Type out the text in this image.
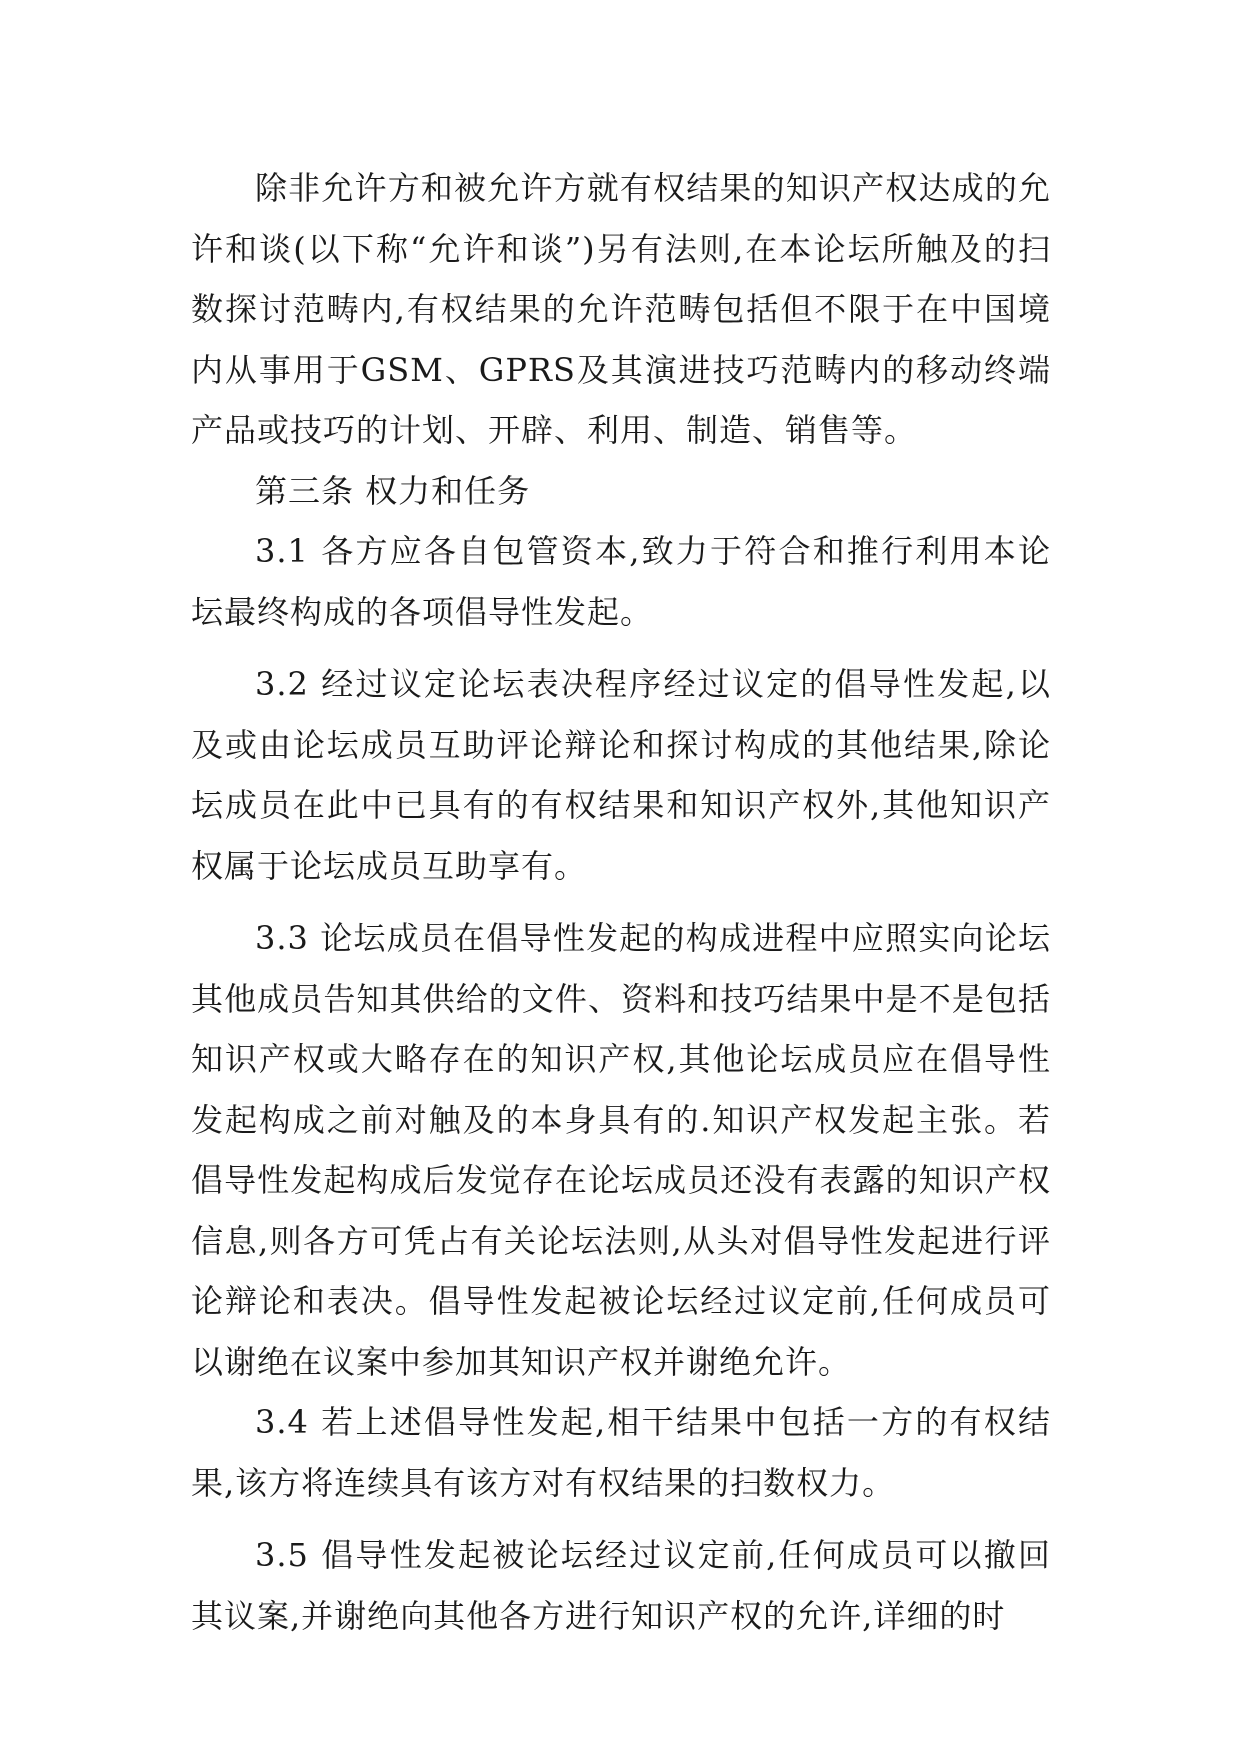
除非允许方和被允许方就有权结果的知识产权达成的允许和谈(以下称“允许和谈”)另有法则,在本论坛所触及的扫数探讨范畴内,有权结果的允许范畴包括但不限于在中国境内从事用于GSM、GPRS及其演进技巧范畴内的移动终端产品或技巧的计划、开辟、利用、制造、销售等。

第三条 权力和任务

3.1 各方应各自包管资本,致力于符合和推行利用本论坛最终构成的各项倡导性发起。

3.2 经过议定论坛表决程序经过议定的倡导性发起,以及或由论坛成员互助评论辩论和探讨构成的其他结果,除论坛成员在此中已具有的有权结果和知识产权外,其他知识产权属于论坛成员互助享有。

3.3 论坛成员在倡导性发起的构成进程中应照实向论坛其他成员告知其供给的文件、资料和技巧结果中是不是包括知识产权或大略存在的知识产权,其他论坛成员应在倡导性发起构成之前对触及的本身具有的.知识产权发起主张。若倡导性发起构成后发觉存在论坛成员还没有表露的知识产权信息,则各方可凭占有关论坛法则,从头对倡导性发起进行评论辩论和表决。倡导性发起被论坛经过议定前,任何成员可以谢绝在议案中参加其知识产权并谢绝允许。

3.4 若上述倡导性发起,相干结果中包括一方的有权结果,该方将连续具有该方对有权结果的扫数权力。

3.5 倡导性发起被论坛经过议定前,任何成员可以撤回其议案,并谢绝向其他各方进行知识产权的允许,详细的时
